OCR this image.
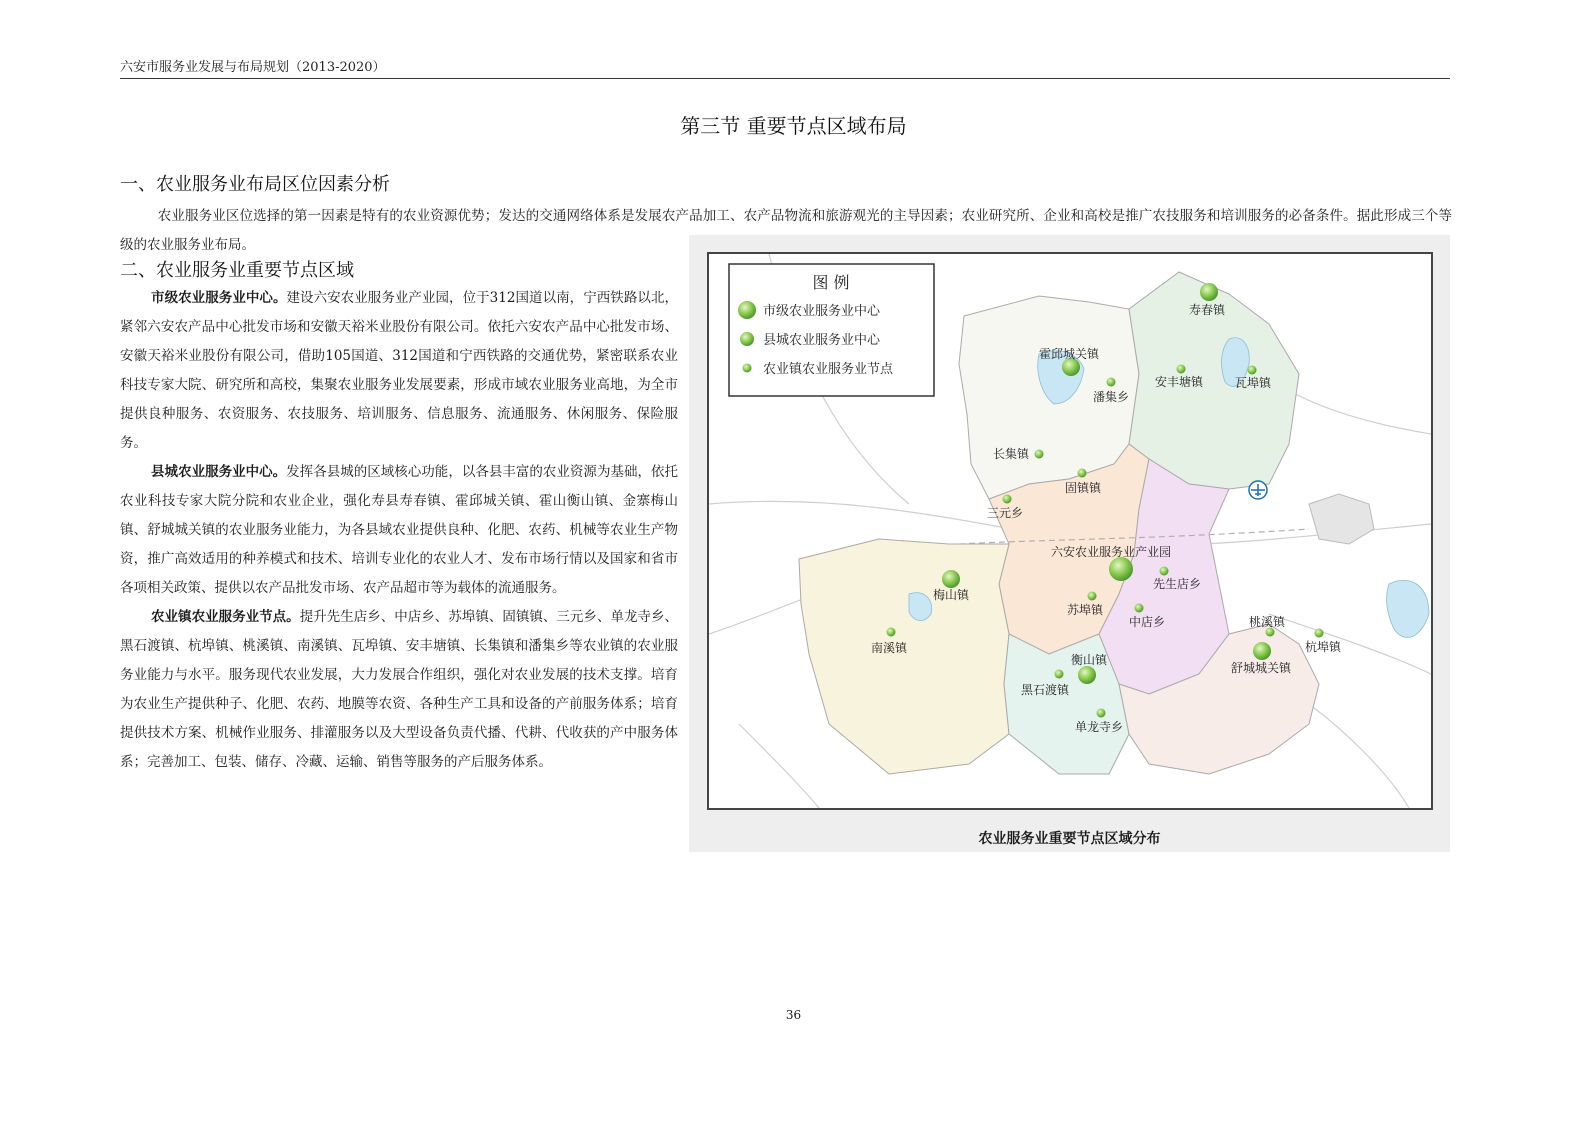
六安市服务业发展与布局规划（2013-2020）
第三节 重要节点区域布局
一、农业服务业布局区位因素分析
农业服务业区位选择的第一因素是特有的农业资源优势；发达的交通网络体系是发展农产品加工、农产品物流和旅游观光的主导因素；农业研究所、企业和高校是推广农技服务和培训服务的必备条件。据此形成三个等级的农业服务业布局。
二、农业服务业重要节点区域

市级农业服务业中心。建设六安农业服务业产业园，位于312国道以南，宁西铁路以北，紧邻六安农产品中心批发市场和安徽天裕米业股份有限公司。依托六安农产品中心批发市场、安徽天裕米业股份有限公司，借助105国道、312国道和宁西铁路的交通优势，紧密联系农业科技专家大院、研究所和高校，集聚农业服务业发展要素，形成市域农业服务业高地，为全市提供良种服务、农资服务、农技服务、培训服务、信息服务、流通服务、休闲服务、保险服务。

县城农业服务业中心。发挥各县城的区域核心功能，以各县丰富的农业资源为基础，依托农业科技专家大院分院和农业企业，强化寿县寿春镇、霍邱城关镇、霍山衡山镇、金寨梅山镇、舒城城关镇的农业服务业能力，为各县域农业提供良种、化肥、农药、机械等农业生产物资，推广高效适用的种养模式和技术、培训专业化的农业人才、发布市场行情以及国家和省市各项相关政策、提供以农产品批发市场、农产品超市等为载体的流通服务。

农业镇农业服务业节点。提升先生店乡、中店乡、苏埠镇、固镇镇、三元乡、单龙寺乡、黑石渡镇、杭埠镇、桃溪镇、南溪镇、瓦埠镇、安丰塘镇、长集镇和潘集乡等农业镇的农业服务业能力与水平。服务现代农业发展，大力发展合作组织，强化对农业发展的技术支撑。培育为农业生产提供种子、化肥、农药、地膜等农资、各种生产工具和设备的产前服务体系；培育提供技术方案、机械作业服务、排灌服务以及大型设备负责代播、代耕、代收获的产中服务体系；完善加工、包装、储存、冷藏、运输、销售等服务的产后服务体系。

图 例
市级农业服务业中心
县城农业服务业中心
农业镇农业服务业节点
六安农业服务业产业园
寿春镇
霍邱城关镇
梅山镇
衡山镇
舒城城关镇
潘集乡
安丰塘镇	瓦埠镇
长集镇
固镇镇
三元乡
先生店乡
苏埠镇
中店乡
南溪镇
桃溪镇
杭埠镇
黑石渡镇
单龙寺乡
农业服务业重要节点区域分布
36
